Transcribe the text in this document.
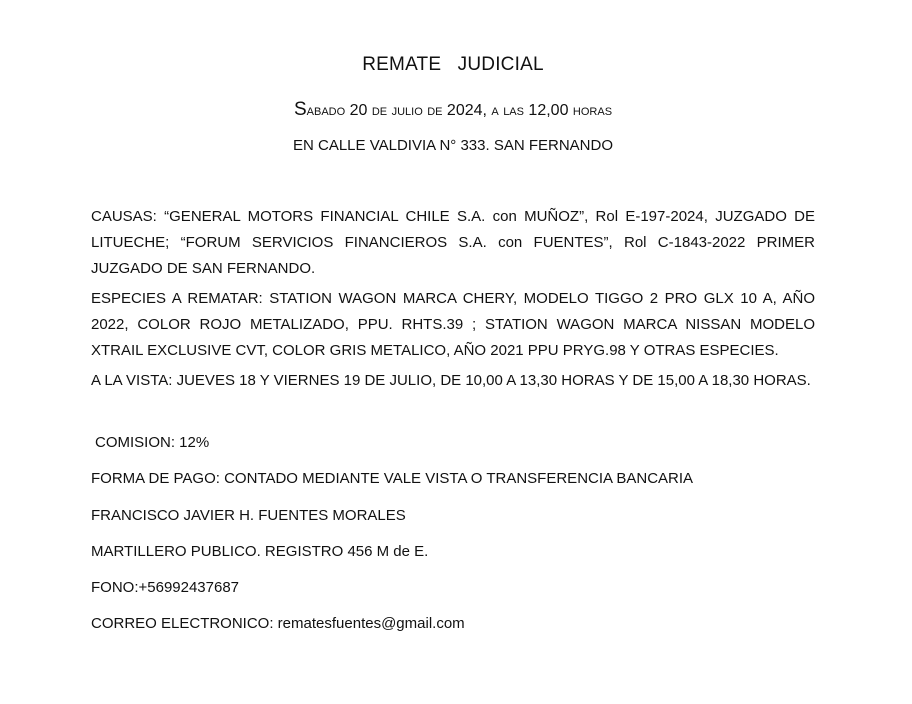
REMATE   JUDICIAL
Sabado 20 de julio de 2024, a las 12,00 horas
EN CALLE VALDIVIA N° 333. SAN FERNANDO
CAUSAS: “GENERAL MOTORS FINANCIAL CHILE S.A. con MUÑOZ”, Rol E-197-2024, JUZGADO DE LITUECHE; “FORUM SERVICIOS FINANCIEROS S.A. con FUENTES”, Rol C-1843-2022 PRIMER JUZGADO DE SAN FERNANDO.
ESPECIES A REMATAR: STATION WAGON MARCA CHERY, MODELO TIGGO 2 PRO GLX 10 A, AÑO 2022, COLOR ROJO METALIZADO, PPU. RHTS.39 ; STATION WAGON MARCA NISSAN MODELO XTRAIL EXCLUSIVE CVT, COLOR GRIS METALICO, AÑO 2021 PPU PRYG.98 Y OTRAS ESPECIES.
A LA VISTA: JUEVES 18 Y VIERNES 19 DE JULIO, DE 10,00 A 13,30 HORAS Y DE 15,00 A 18,30 HORAS.
COMISION: 12%
FORMA DE PAGO: CONTADO MEDIANTE VALE VISTA O TRANSFERENCIA BANCARIA
FRANCISCO JAVIER H. FUENTES MORALES
MARTILLERO PUBLICO. REGISTRO 456 M de E.
FONO:+56992437687
CORREO ELECTRONICO: rematesfuentes@gmail.com
